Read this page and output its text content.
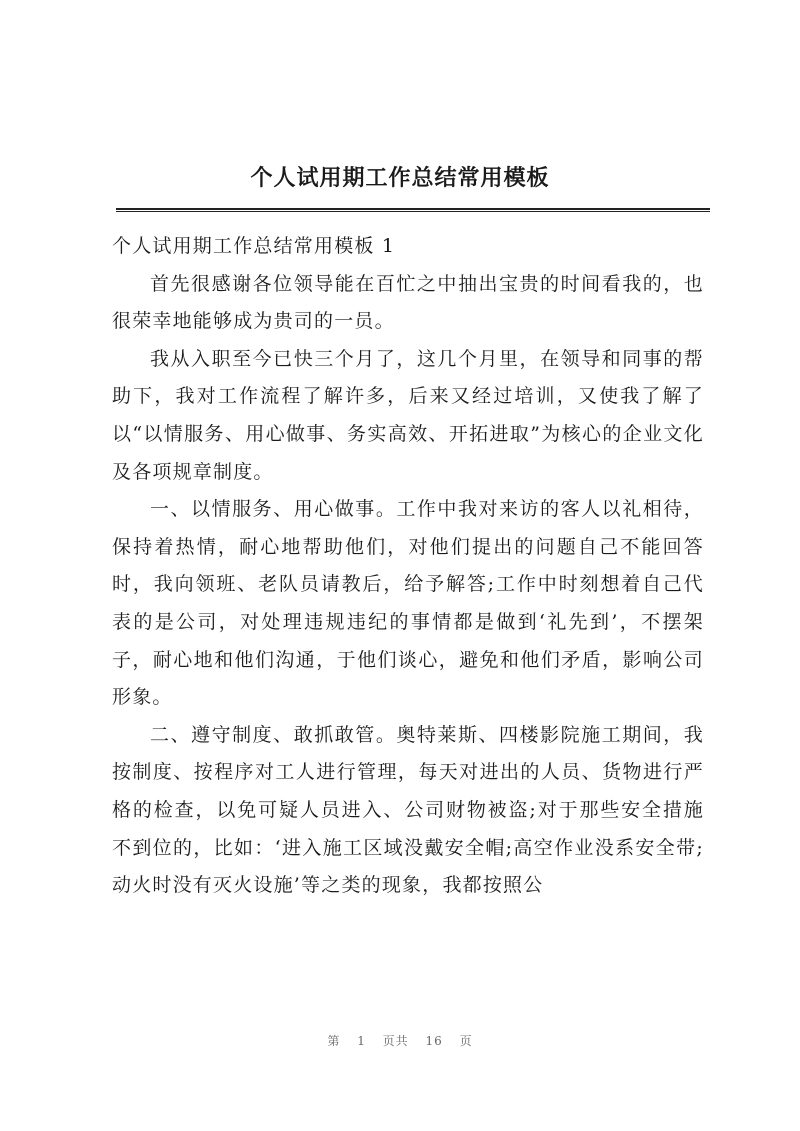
个人试用期工作总结常用模板

个人试用期工作总结常用模板 1

首先很感谢各位领导能在百忙之中抽出宝贵的时间看我的，也很荣幸地能够成为贵司的一员。

我从入职至今已快三个月了，这几个月里，在领导和同事的帮助下，我对工作流程了解许多，后来又经过培训，又使我了解了以“以情服务、用心做事、务实高效、开拓进取”为核心的企业文化及各项规章制度。

一、以情服务、用心做事。工作中我对来访的客人以礼相待，保持着热情，耐心地帮助他们，对他们提出的问题自己不能回答时，我向领班、老队员请教后，给予解答;工作中时刻想着自己代表的是公司，对处理违规违纪的事情都是做到‘礼先到’，不摆架子，耐心地和他们沟通，于他们谈心，避免和他们矛盾，影响公司形象。

二、遵守制度、敢抓敢管。奥特莱斯、四楼影院施工期间，我按制度、按程序对工人进行管理，每天对进出的人员、货物进行严格的检查，以免可疑人员进入、公司财物被盗;对于那些安全措施不到位的，比如：‘进入施工区域没戴安全帽;高空作业没系安全带;动火时没有灭火设施’等之类的现象，我都按照公

第 1 页共 16 页
